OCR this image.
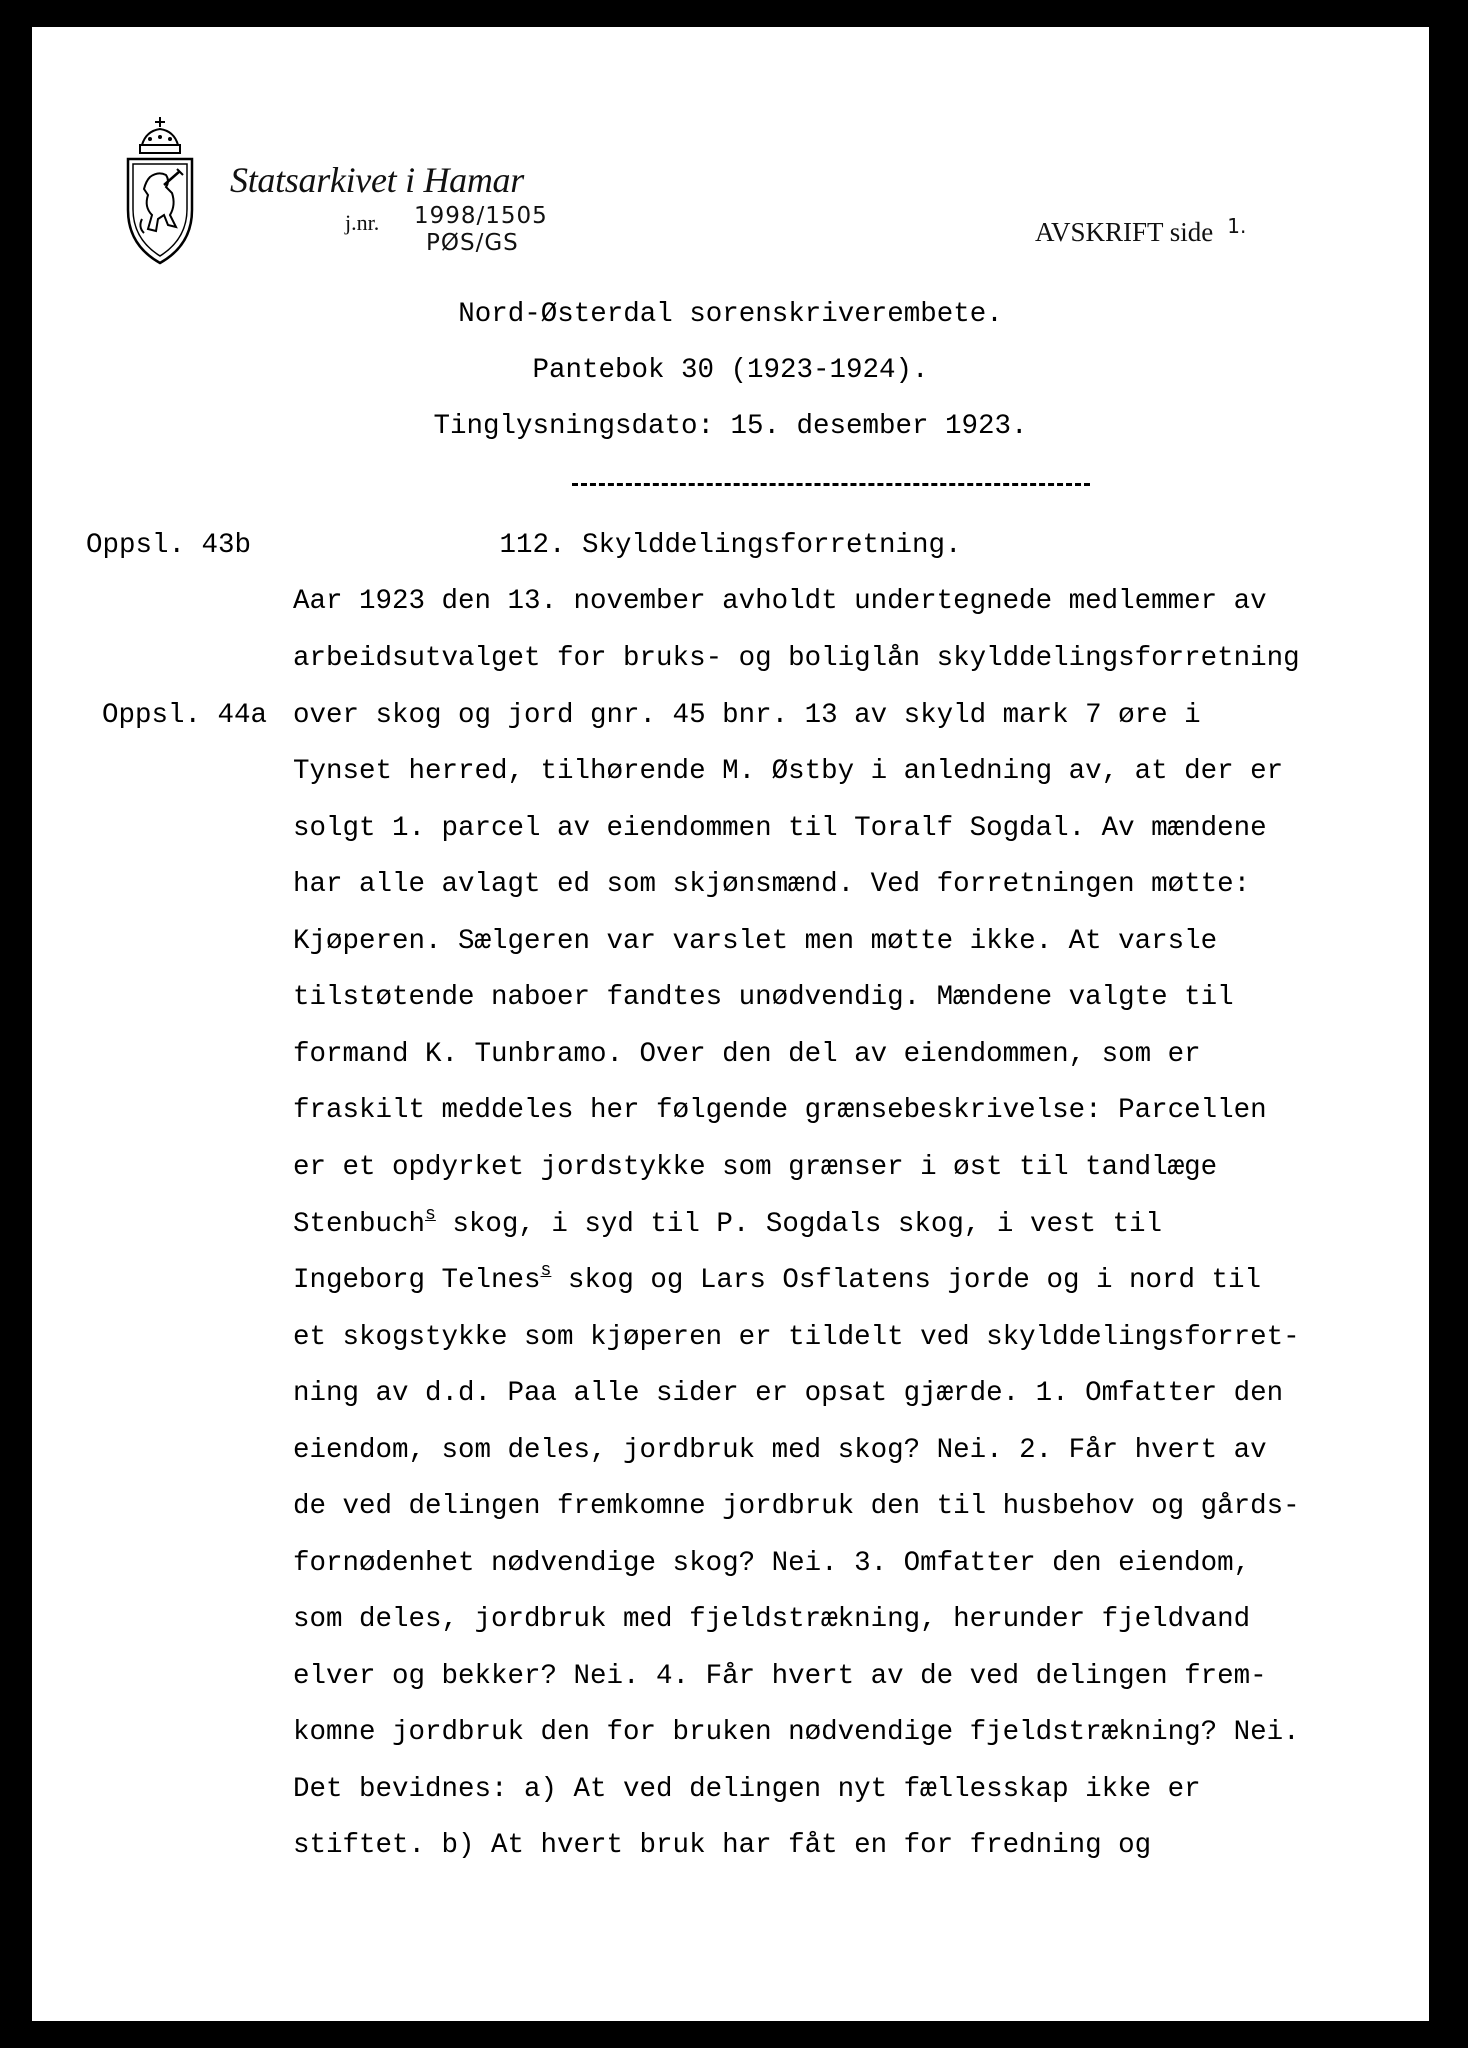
Statsarkivet i Hamar
j.nr. 1998/1505
PØS/GS	AVSKRIFT side $^{1.}$
Nord-Østerdal sorenskriverembete.
Pantebok 30 (1923-1924).
Tinglysningsdato: 15. desember 1923.
Oppsl. 43b
Oppsl. 44a
112. Skylddelingsforretning.
Aar 1923 den 13. november avholdt undertegnede medlemmer av
arbeidsutvalget for bruks- og boliglån skylddelingsforretning
over skog og jord gnr. 45 bnr. 13 av skyld mark 7 øre i
Tynset herred, tilhørende M. Østby i anledning av, at der er
solgt 1. parcel av eiendommen til Toralf Sogdal. Av mændene
har alle avlagt ed som skjønsmænd. Ved forretningen møtte:
Kjøperen. Sælgeren var varslet men møtte ikke. At varsle
tilstøtende naboer fandtes unødvendig. Mændene valgte til
formand K. Tunbramo. Over den del av eiendommen, som er
fraskilt meddeles her følgende grænsebeskrivelse: Parcellen
er et opdyrket jordstykke som grænser i øst til tandlæge
Stenbuch$^s$ skog, i syd til P. Sogdals skog, i vest til
Ingeborg Telnes$^s$ skog og Lars Osflatens jorde og i nord til
et skogstykke som kjøperen er tildelt ved skylddelingsforret-
ning av d.d. Paa alle sider er opsat gjærde. 1. Omfatter den
eiendom, som deles, jordbruk med skog? Nei. 2. Får hvert av
de ved delingen fremkomne jordbruk den til husbehov og gårds-
fornødenhet nødvendige skog? Nei. 3. Omfatter den eiendom,
som deles, jordbruk med fjeldstrækning, herunder fjeldvand
elver og bekker? Nei. 4. Får hvert av de ved delingen frem-
komne jordbruk den for bruken nødvendige fjeldstrækning? Nei.
Det bevidnes: a) At ved delingen nyt fællesskap ikke er
stiftet. b) At hvert bruk har fåt en for fredning og
